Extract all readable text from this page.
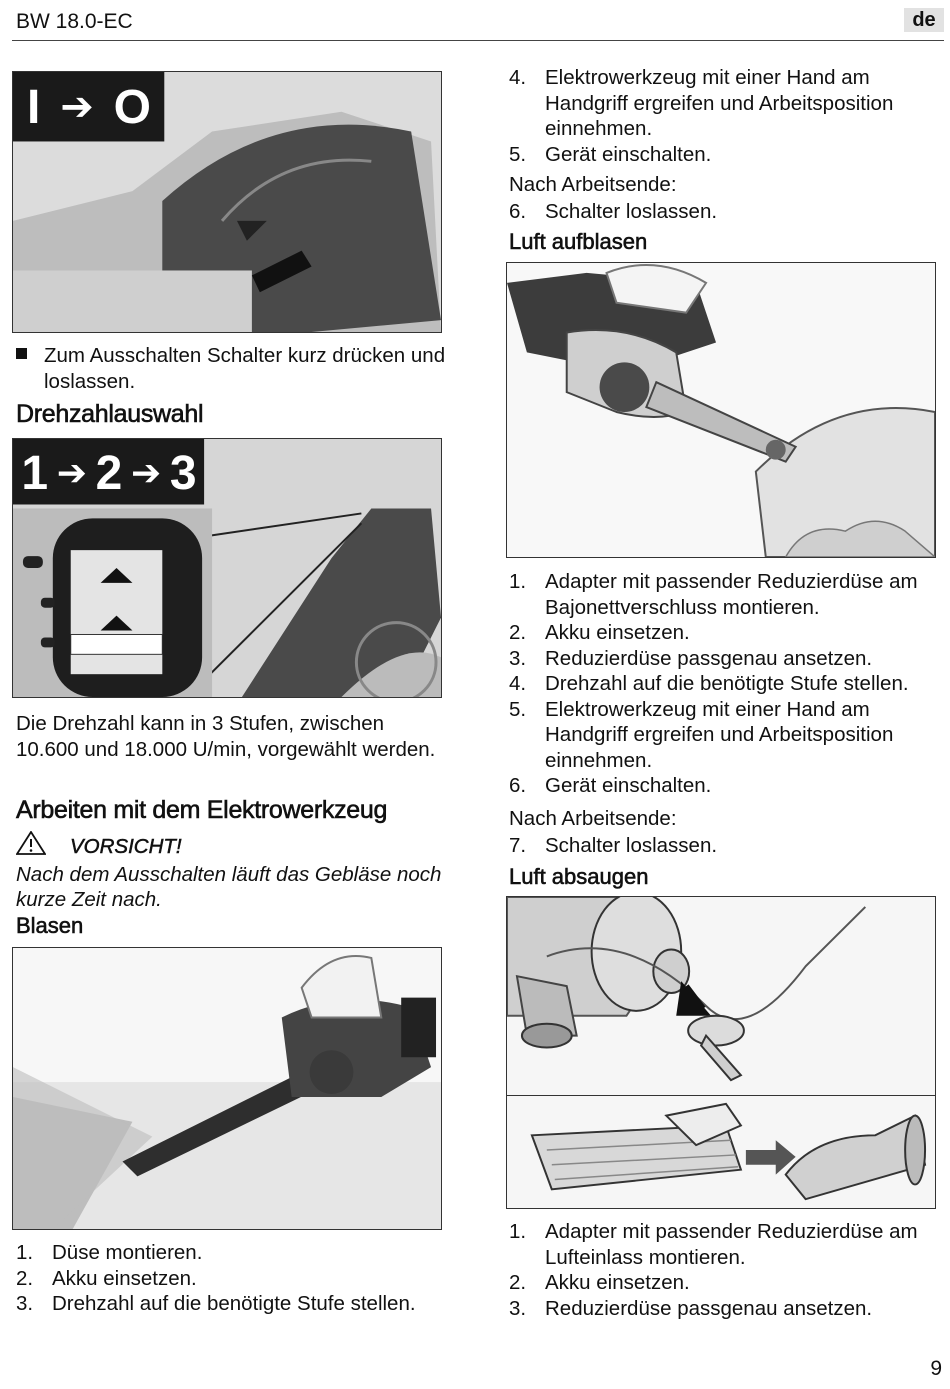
BW 18.0-EC	de
I ➔ O
Zum Ausschalten Schalter kurz drücken und loslassen.
Drehzahlauswahl
1 ➔ 2 ➔ 3
Die Drehzahl kann in 3 Stufen, zwischen 10.600 und 18.000 U/min, vorgewählt werden.
Arbeiten mit dem Elektrowerkzeug
VORSICHT!
Nach dem Ausschalten läuft das Gebläse noch kurze Zeit nach.
Blasen
1. Düse montieren.
2. Akku einsetzen.
3. Drehzahl auf die benötigte Stufe stellen.
4. Elektrowerkzeug mit einer Hand am Handgriff ergreifen und Arbeitsposition einnehmen.
5. Gerät einschalten.
Nach Arbeitsende:
6. Schalter loslassen.
Luft aufblasen
1. Adapter mit passender Reduzierdüse am Bajonettverschluss montieren.
2. Akku einsetzen.
3. Reduzierdüse passgenau ansetzen.
4. Drehzahl auf die benötigte Stufe stellen.
5. Elektrowerkzeug mit einer Hand am Handgriff ergreifen und Arbeitsposition einnehmen.
6. Gerät einschalten.
Nach Arbeitsende:
7. Schalter loslassen.
Luft absaugen
1. Adapter mit passender Reduzierdüse am Lufteinlass montieren.
2. Akku einsetzen.
3. Reduzierdüse passgenau ansetzen.
9
